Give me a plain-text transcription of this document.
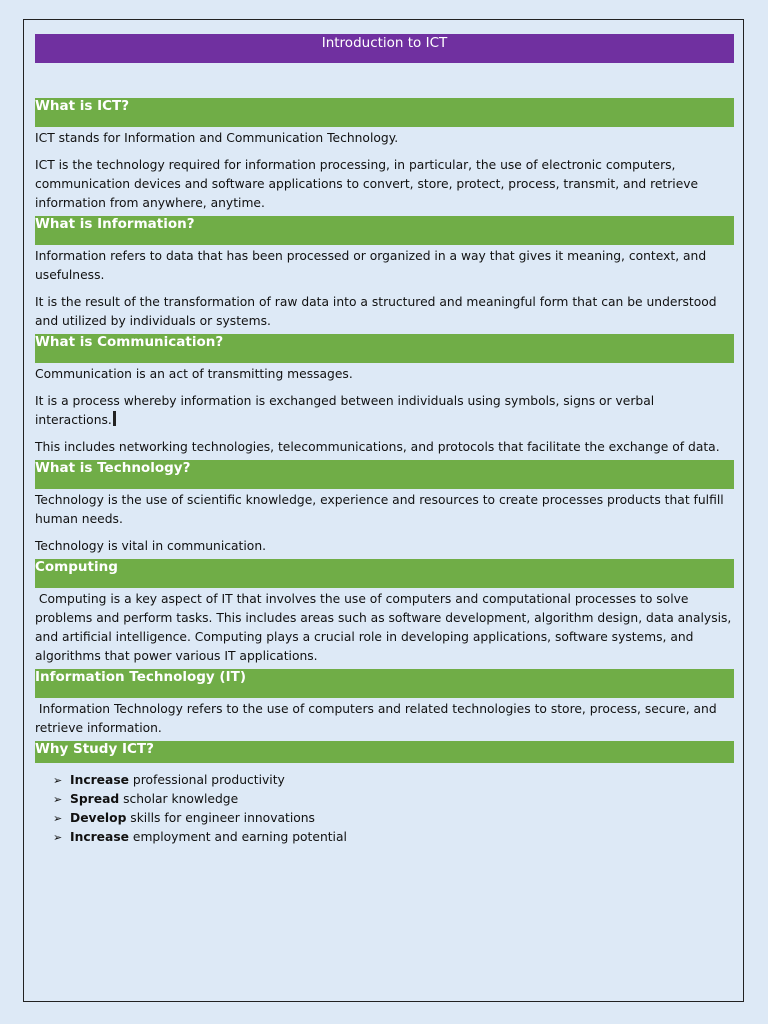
Introduction to ICT
What is ICT?

ICT stands for Information and Communication Technology.

ICT is the technology required for information processing, in particular, the use of electronic computers, communication devices and software applications to convert, store, protect, process, transmit, and retrieve information from anywhere, anytime.

What is Information?

Information refers to data that has been processed or organized in a way that gives it meaning, context, and usefulness.

It is the result of the transformation of raw data into a structured and meaningful form that can be understood and utilized by individuals or systems.

What is Communication?

Communication is an act of transmitting messages.

It is a process whereby information is exchanged between individuals using symbols, signs or verbal interactions.

This includes networking technologies, telecommunications, and protocols that facilitate the exchange of data.

What is Technology?

Technology is the use of scientific knowledge, experience and resources to create processes products that fulfill human needs.

Technology is vital in communication.

Computing

Computing is a key aspect of IT that involves the use of computers and computational processes to solve problems and perform tasks. This includes areas such as software development, algorithm design, data analysis, and artificial intelligence. Computing plays a crucial role in developing applications, software systems, and algorithms that power various IT applications.

Information Technology (IT)

Information Technology refers to the use of computers and related technologies to store, process, secure, and retrieve information.

Why Study ICT?
➢ Increase professional productivity
➢ Spread scholar knowledge
➢ Develop skills for engineer innovations
➢ Increase employment and earning potential
